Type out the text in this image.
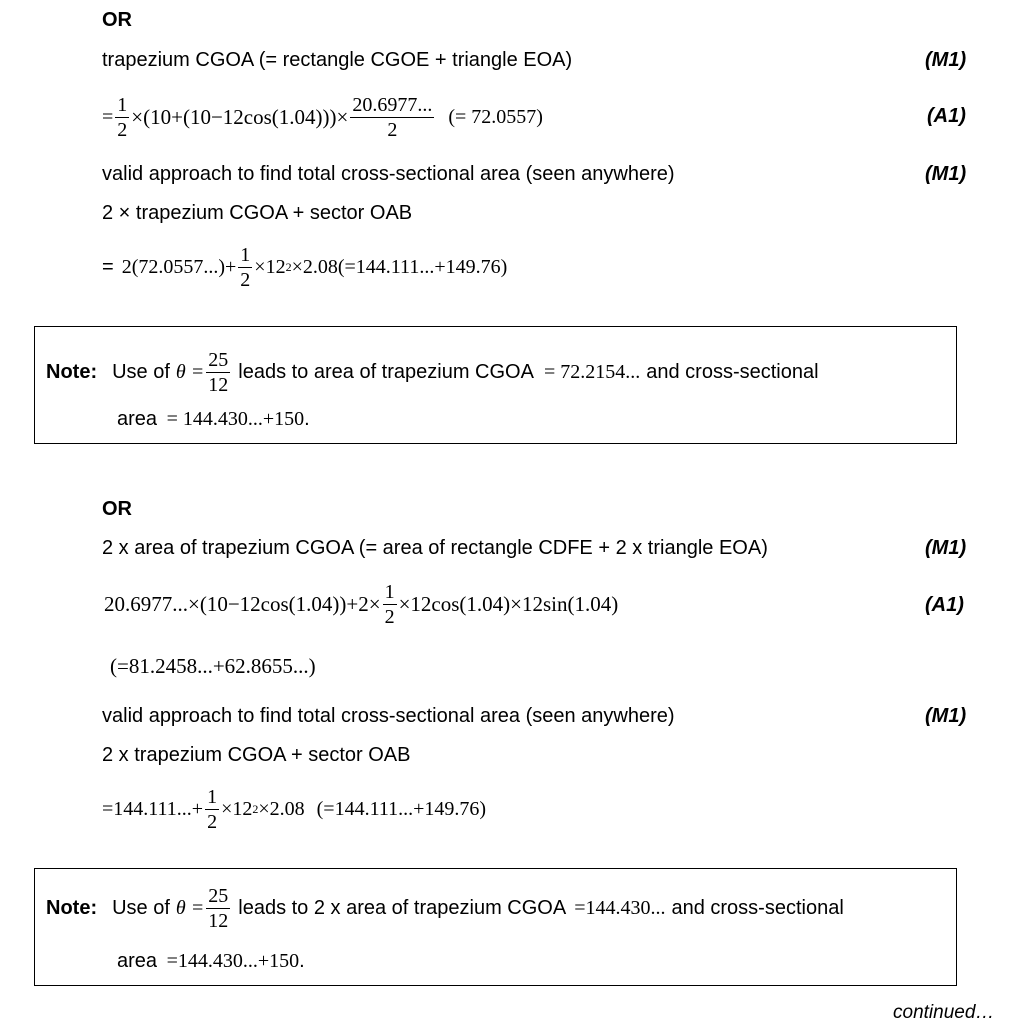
OR
trapezium CGOA (= rectangle CGOE + triangle EOA)	(M1)
= $\frac{1}{2} \times(10+(10-12\cos(1.04)))\times \frac{20.6977...}{2}$ (= 72.0557)	(A1)
valid approach to find total cross-sectional area (seen anywhere)	(M1)
2 × trapezium CGOA + sector OAB
= $2(72.0557...)+ \frac{1}{2} \times 12$ 2 ×2.08(=144.111...+149.76)
Note: Use of $\theta = \frac{25}{12}$ leads to area of trapezium CGOA = 72.2154... and cross-sectional
area = 144.430...+150.
OR
2 x area of trapezium CGOA (= area of rectangle CDFE + 2 x triangle EOA)	(M1)
$20.6977...\times(10-12\cos(1.04))+2\times \frac{1}{2} \times 12\cos(1.04)\times 12\sin(1.04)$	(A1)
(=81.2458...+62.8655...)
valid approach to find total cross-sectional area (seen anywhere)	(M1)
2 x trapezium CGOA + sector OAB
$=144.111...+ \frac{1}{2} \times 12$ 2 ×2.08 (=144.111...+149.76)
Note: Use of $\theta = \frac{25}{12}$ leads to 2 x area of trapezium CGOA =144.430... and cross-sectional
area =144.430...+150.
continued…
